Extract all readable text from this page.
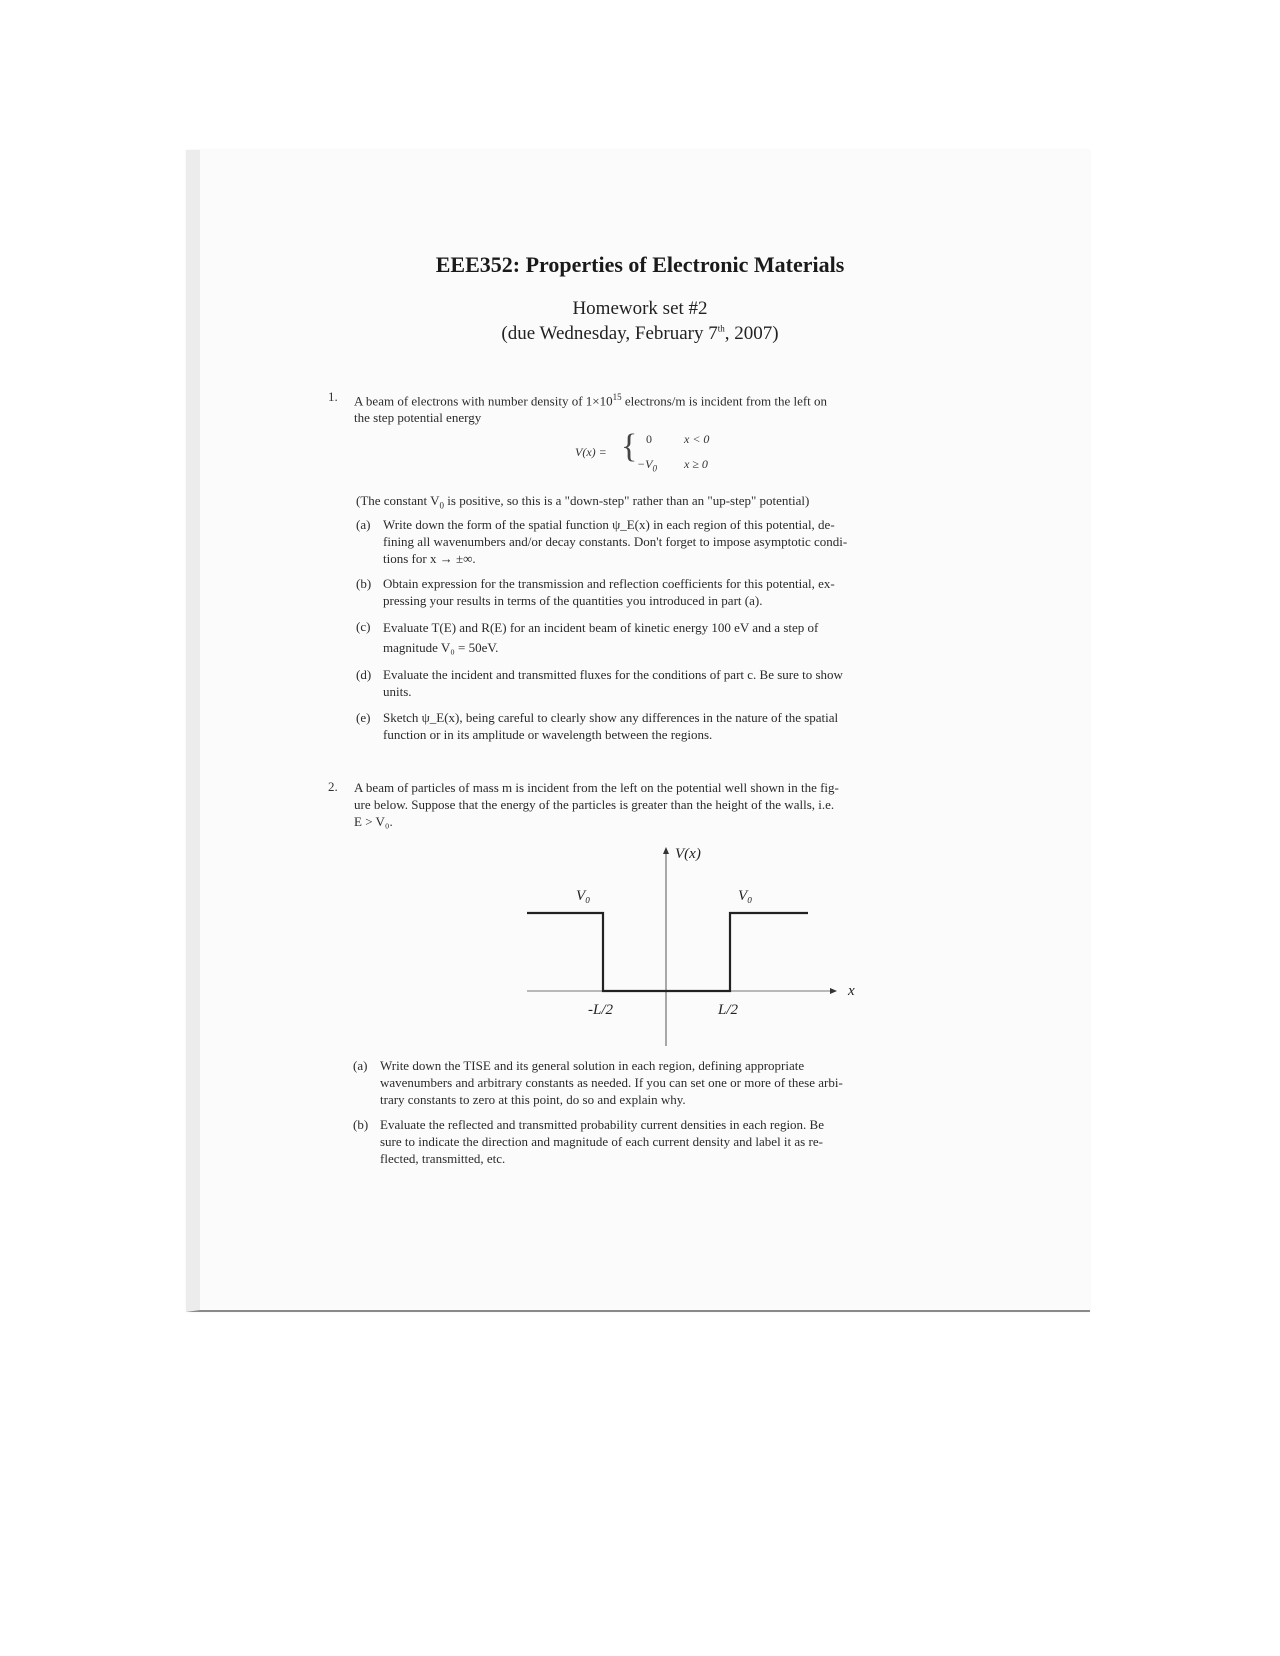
EEE352: Properties of Electronic Materials
Homework set #2
(due Wednesday, February 7th, 2007)
1. A beam of electrons with number density of $1\times 10^{15}$ electrons/m is incident from the left on
the step potential energy
V(x) = { 0	x < 0
$-V_0$ x ≥ 0
(The constant $V_0$ is positive, so this is a "down-step" rather than an "up-step" potential)
(a) Write down the form of the spatial function ψ_E(x) in each region of this potential, de-
fining all wavenumbers and/or decay constants. Don't forget to impose asymptotic condi-
tions for x → ±∞.
(b) Obtain expression for the transmission and reflection coefficients for this potential, ex-
pressing your results in terms of the quantities you introduced in part (a).
(c) Evaluate T(E) and R(E) for an incident beam of kinetic energy 100 eV and a step of
magnitude V₀ = 50eV.
(d) Evaluate the incident and transmitted fluxes for the conditions of part c. Be sure to show
units.
(e) Sketch ψ_E(x), being careful to clearly show any differences in the nature of the spatial
function or in its amplitude or wavelength between the regions.
2. A beam of particles of mass m is incident from the left on the potential well shown in the fig-
ure below. Suppose that the energy of the particles is greater than the height of the walls, i.e.
E > V₀.
V(x)
x
V₀	V₀
-L/2	L/2
(a) Write down the TISE and its general solution in each region, defining appropriate
wavenumbers and arbitrary constants as needed. If you can set one or more of these arbi-
trary constants to zero at this point, do so and explain why.
(b) Evaluate the reflected and transmitted probability current densities in each region. Be
sure to indicate the direction and magnitude of each current density and label it as re-
flected, transmitted, etc.
